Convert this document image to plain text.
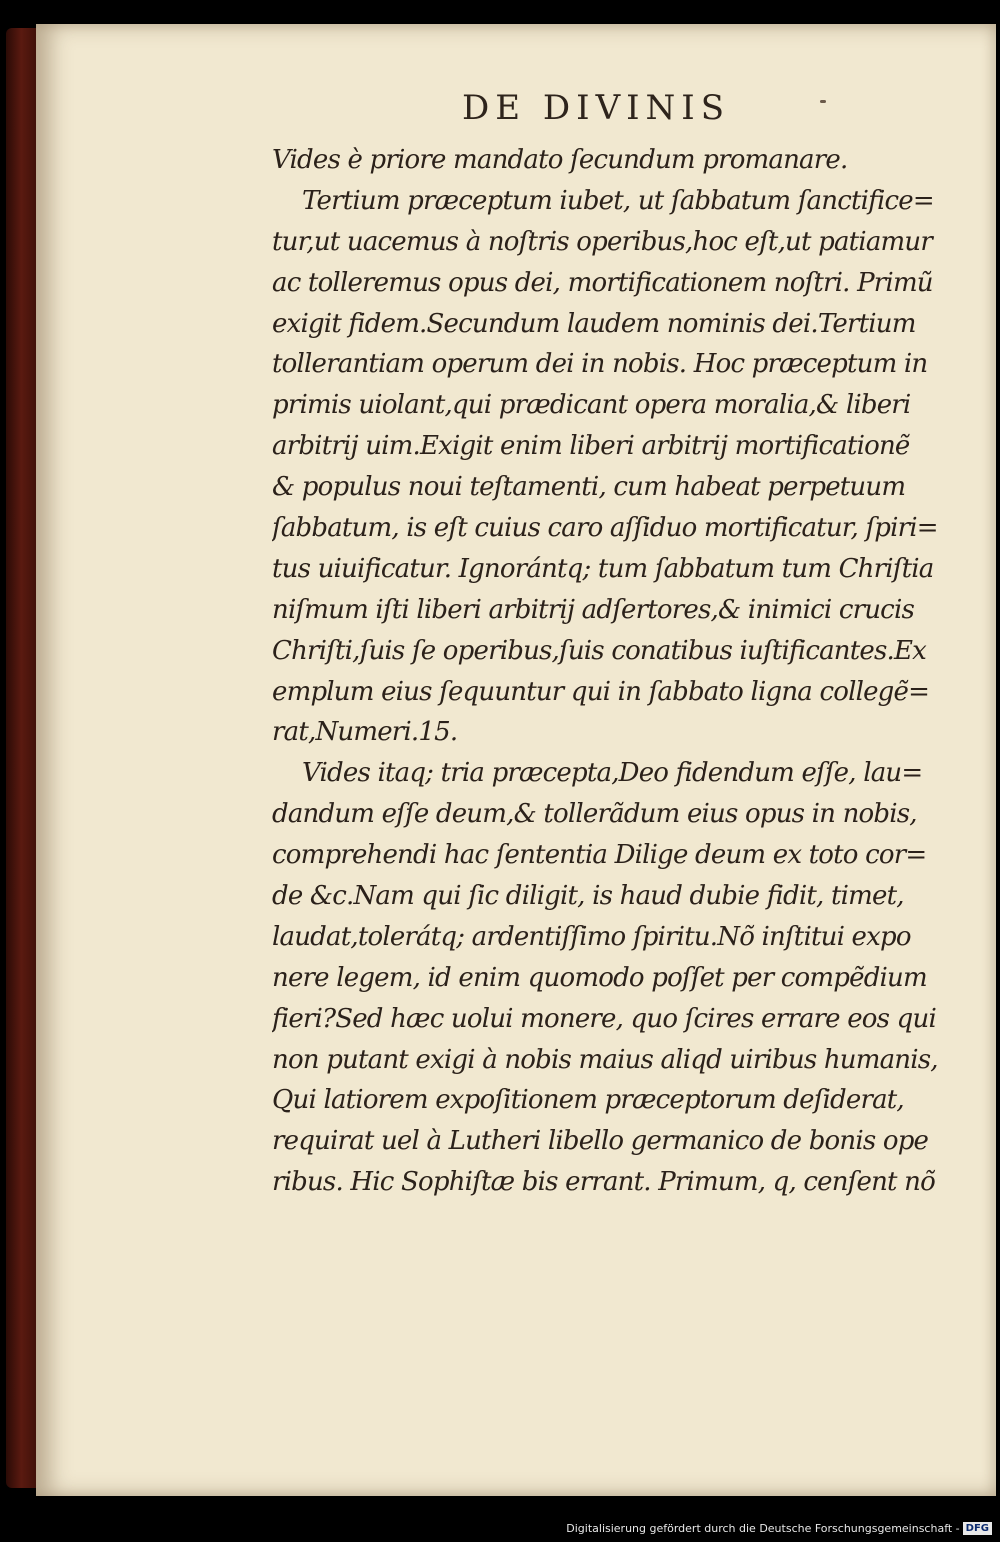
DE DIVINIS
Vides è priore mandato ſecundum promanare.
Tertium præceptum iubet, ut ſabbatum ſanctifice=
tur,ut uacemus à noſtris operibus,hoc eſt,ut patiamur
ac tolleremus opus dei, mortificationem noſtri. Primũ
exigit fidem.Secundum laudem nominis dei.Tertium
tollerantiam operum dei in nobis. Hoc præceptum in
primis uiolant,qui prædicant opera moralia,& liberi
arbitrij uim.Exigit enim liberi arbitrij mortificationẽ
& populus noui teſtamenti, cum habeat perpetuum
ſabbatum, is eſt cuius caro aſſiduo mortificatur, ſpiri=
tus uiuificatur. Ignorántq; tum ſabbatum tum Chriſtia
niſmum iſti liberi arbitrij adſertores,& inimici crucis
Chriſti,ſuis ſe operibus,ſuis conatibus iuſtificantes.Ex
emplum eius ſequuntur qui in ſabbato ligna collegẽ=
rat,Numeri.15.
Vides itaq; tria præcepta,Deo fidendum eſſe, lau=
dandum eſſe deum,& tollerãdum eius opus in nobis,
comprehendi hac ſententia Dilige deum ex toto cor=
de &c.Nam qui ſic diligit, is haud dubie fidit, timet,
laudat,tolerátq; ardentiſſimo ſpiritu.Nõ inſtitui expo
nere legem, id enim quomodo poſſet per compẽdium
fieri?Sed hæc uolui monere, quo ſcires errare eos qui
non putant exigi à nobis maius aliqd uiribus humanis,
Qui latiorem expoſitionem præceptorum deſiderat,
requirat uel à Lutheri libello germanico de bonis ope
ribus. Hic Sophiſtæ bis errant. Primum, q, cenſent nõ
Digitalisierung gefördert durch die Deutsche Forschungsgemeinschaft - DFG
